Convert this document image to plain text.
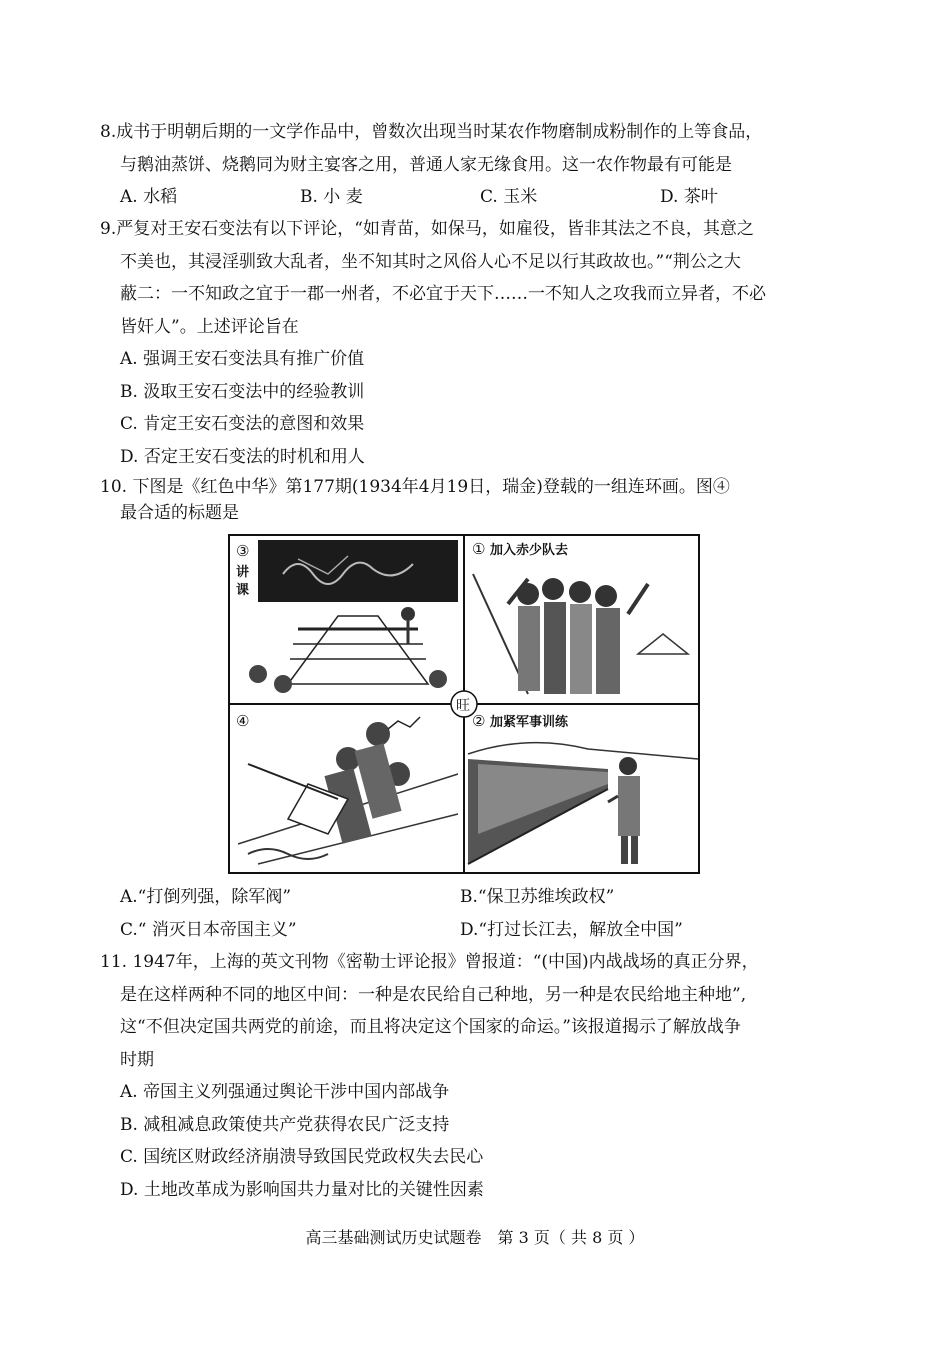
8.成书于明朝后期的一文学作品中，曾数次出现当时某农作物磨制成粉制作的上等食品，
与鹅油蒸饼、烧鹅同为财主宴客之用，普通人家无缘食用。这一农作物最有可能是
A. 水稻	B. 小 麦	C. 玉米	D. 茶叶
9.严复对王安石变法有以下评论，“如青苗，如保马，如雇役，皆非其法之不良，其意之
不美也，其浸淫驯致大乱者，坐不知其时之风俗人心不足以行其政故也。”“荆公之大
蔽二：一不知政之宜于一郡一州者，不必宜于天下……一不知人之攻我而立异者，不必
皆奸人”。上述评论旨在
A. 强调王安石变法具有推广价值
B. 汲取王安石变法中的经验教训
C. 肯定王安石变法的意图和效果
D. 否定王安石变法的时机和用人
10. 下图是《红色中华》第177期(1934年4月19日，瑞金)登载的一组连环画。图④
最合适的标题是
③
讲
课
① 加入赤少队去
旺
④	② 加紧军事训练
A.“打倒列强，除军阀”	B.“保卫苏维埃政权”
C.“ 消灭日本帝国主义”	D.“打过长江去，解放全中国”
11. 1947年，上海的英文刊物《密勒士评论报》曾报道：“(中国)内战战场的真正分界，
是在这样两种不同的地区中间：一种是农民给自己种地，另一种是农民给地主种地”,
这“不但决定国共两党的前途，而且将决定这个国家的命运。”该报道揭示了解放战争
时期
A. 帝国主义列强通过舆论干涉中国内部战争
B. 减租减息政策使共产党获得农民广泛支持
C. 国统区财政经济崩溃导致国民党政权失去民心
D. 土地改革成为影响国共力量对比的关键性因素
高三基础测试历史试题卷　第 3 页（ 共 8 页 ）
